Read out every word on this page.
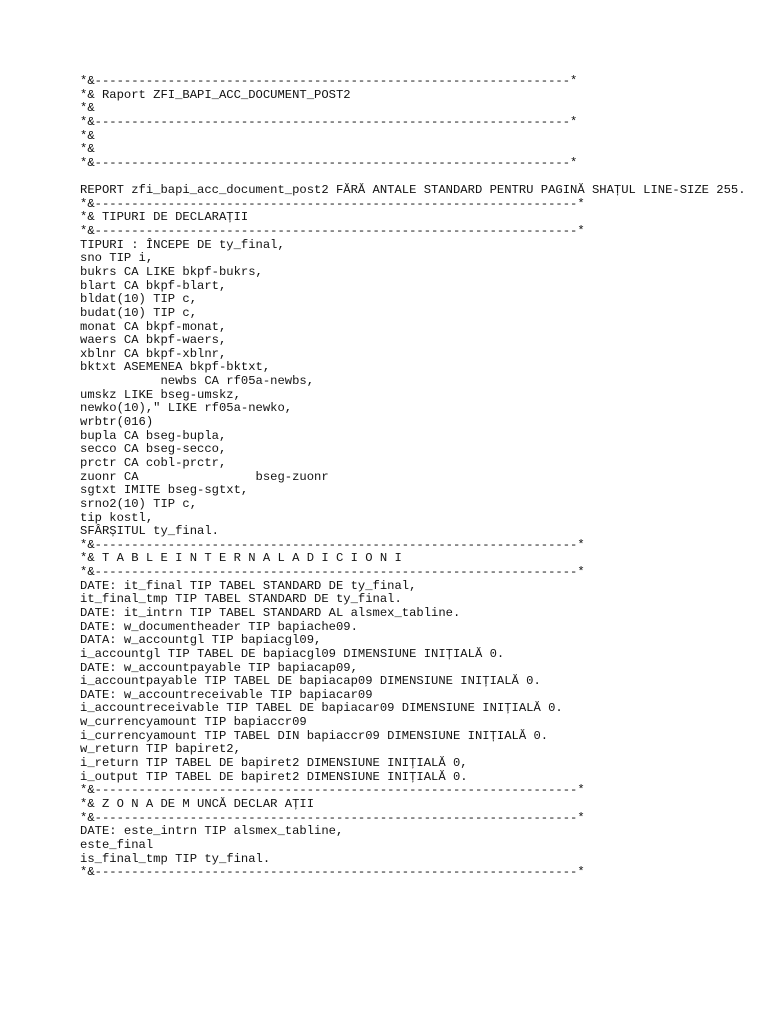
*&-----------------------------------------------------------------*
*& Raport ZFI_BAPI_ACC_DOCUMENT_POST2
*&
*&-----------------------------------------------------------------*
*&
*&
*&-----------------------------------------------------------------*
REPORT zfi_bapi_acc_document_post2 FĂRĂ ANTALE STANDARD PENTRU PAGINĂ SHAȚUL LINE-SIZE 255.
*&------------------------------------------------------------------*
*& TIPURI DE DECLARAȚII
*&------------------------------------------------------------------*
TIPURI : ÎNCEPE DE ty_final,
sno TIP i,
bukrs CA LIKE bkpf-bukrs,
blart CA bkpf-blart,
bldat(10) TIP c,
budat(10) TIP c,
monat CA bkpf-monat,
waers CA bkpf-waers,
xblnr CA bkpf-xblnr,
bktxt ASEMENEA bkpf-bktxt,
newbs CA rf05a-newbs,
umskz LIKE bseg-umskz,
newko(10)," LIKE rf05a-newko,
wrbtr(016)
bupla CA bseg-bupla,
secco CA bseg-secco,
prctr CA cobl-prctr,
zuonr CA                bseg-zuonr
sgtxt IMITE bseg-sgtxt,
srno2(10) TIP c,
tip kostl,
SFÂRȘITUL ty_final.
*&------------------------------------------------------------------*
*& T A B L E I N T E R N A L A D I C I O N I
*&------------------------------------------------------------------*
DATE: it_final TIP TABEL STANDARD DE ty_final,
it_final_tmp TIP TABEL STANDARD DE ty_final.
DATE: it_intrn TIP TABEL STANDARD AL alsmex_tabline.
DATE: w_documentheader TIP bapiache09.
DATA: w_accountgl TIP bapiacgl09,
i_accountgl TIP TABEL DE bapiacgl09 DIMENSIUNE INIȚIALĂ 0.
DATE: w_accountpayable TIP bapiacap09,
i_accountpayable TIP TABEL DE bapiacap09 DIMENSIUNE INIȚIALĂ 0.
DATE: w_accountreceivable TIP bapiacar09
i_accountreceivable TIP TABEL DE bapiacar09 DIMENSIUNE INIȚIALĂ 0.
w_currencyamount TIP bapiaccr09
i_currencyamount TIP TABEL DIN bapiaccr09 DIMENSIUNE INIȚIALĂ 0.
w_return TIP bapiret2,
i_return TIP TABEL DE bapiret2 DIMENSIUNE INIȚIALĂ 0,
i_output TIP TABEL DE bapiret2 DIMENSIUNE INIȚIALĂ 0.
*&------------------------------------------------------------------*
*& Z O N A DE M UNCĂ DECLAR AȚII
*&------------------------------------------------------------------*
DATE: este_intrn TIP alsmex_tabline,
este_final
is_final_tmp TIP ty_final.
*&------------------------------------------------------------------*
